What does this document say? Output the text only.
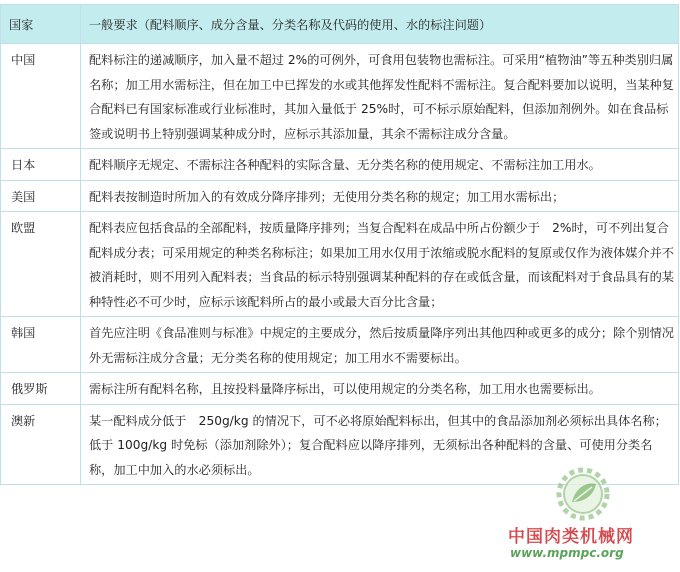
国家	一般要求（配料顺序、成分含量、分类名称及代码的使用、水的标注问题）
中国	配料标注的递减顺序，加入量不超过 2%的可例外，可食用包装物也需标注。可采用“植物油”等五种类别归属名称；加工用水需标注，但在加工中已挥发的水或其他挥发性配料不需标注。复合配料要加以说明，当某种复合配料已有国家标准或行业标准时，其加入量低于 25%时，可不标示原始配料，但添加剂例外。如在食品标签或说明书上特别强调某种成分时，应标示其添加量，其余不需标注成分含量。
日本	配料顺序无规定、不需标注各种配料的实际含量、无分类名称的使用规定、不需标注加工用水。
美国	配料表按制造时所加入的有效成分降序排列；无使用分类名称的规定；加工用水需标出；
欧盟	配料表应包括食品的全部配料，按质量降序排列；当复合配料在成品中所占份额少于　2%时，可不列出复合配料成分表；可采用规定的种类名称标注；如果加工用水仅用于浓缩或脱水配料的复原或仅作为液体媒介并不被消耗时，则不用列入配料表；当食品的标示特别强调某种配料的存在或低含量，而该配料对于食品具有的某种特性必不可少时，应标示该配料所占的最小或最大百分比含量；
韩国	首先应注明《食品准则与标准》中规定的主要成分，然后按质量降序列出其他四种或更多的成分；除个别情况外无需标注成分含量；无分类名称的使用规定；加工用水不需要标出。
俄罗斯	需标注所有配料名称，且按投料量降序标出，可以使用规定的分类名称，加工用水也需要标出。
澳新	某一配料成分低于　250g/kg 的情况下，可不必将原始配料标出，但其中的食品添加剂必须标出具体名称；低于 100g/kg 时免标（添加剂除外）；复合配料应以降序排列，无须标出各种配料的含量、可使用分类名称，加工中加入的水必须标出。
中国肉类机械网
www.mpmpc.org
